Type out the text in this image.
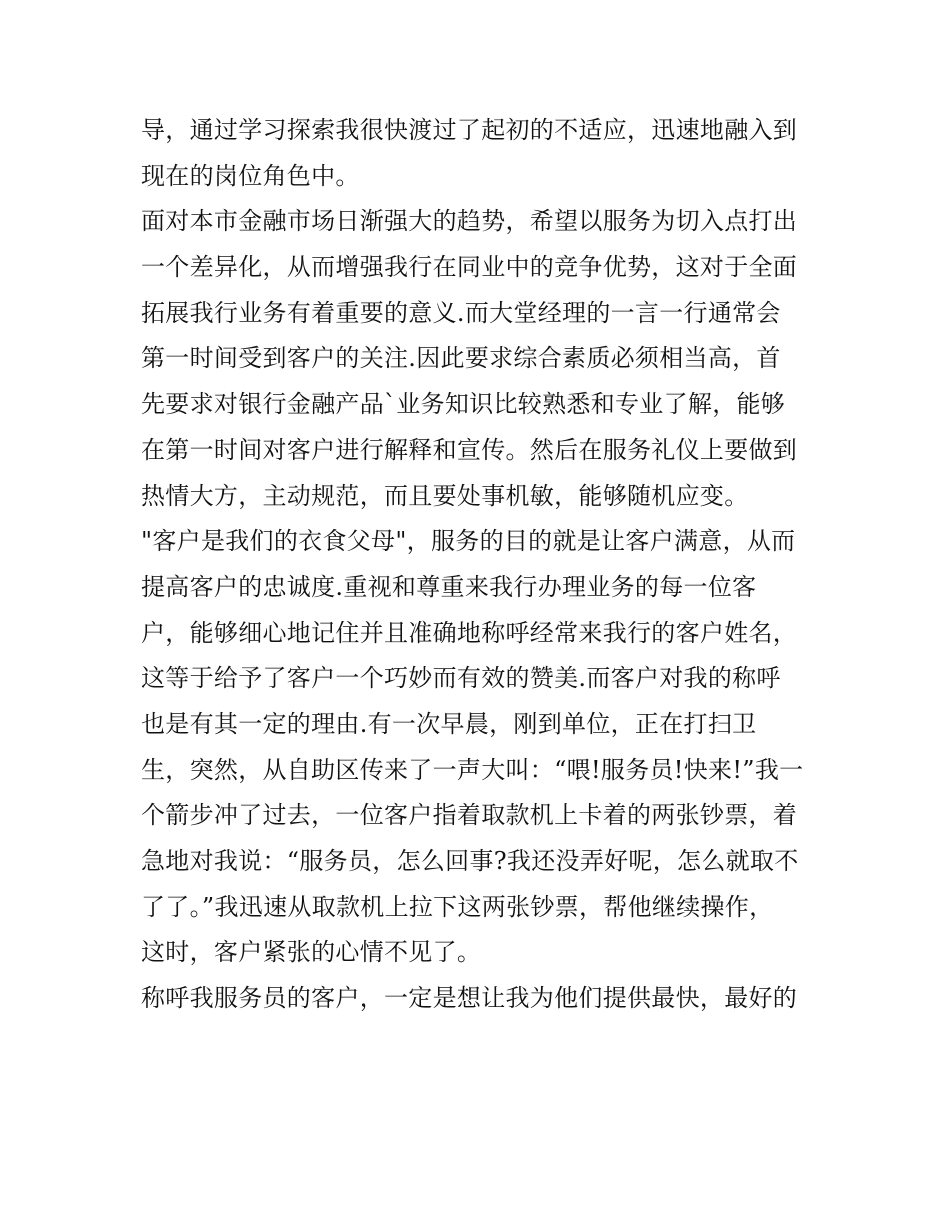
导，通过学习探索我很快渡过了起初的不适应，迅速地融入到
现在的岗位角色中。
面对本市金融市场日渐强大的趋势，希望以服务为切入点打出
一个差异化，从而增强我行在同业中的竞争优势，这对于全面
拓展我行业务有着重要的意义.而大堂经理的一言一行通常会
第一时间受到客户的关注.因此要求综合素质必须相当高，首
先要求对银行金融产品`业务知识比较熟悉和专业了解，能够
在第一时间对客户进行解释和宣传。然后在服务礼仪上要做到
热情大方，主动规范，而且要处事机敏，能够随机应变。
"客户是我们的衣食父母"，服务的目的就是让客户满意，从而
提高客户的忠诚度.重视和尊重来我行办理业务的每一位客
户，能够细心地记住并且准确地称呼经常来我行的客户姓名，
这等于给予了客户一个巧妙而有效的赞美.而客户对我的称呼
也是有其一定的理由.有一次早晨，刚到单位，正在打扫卫
生，突然，从自助区传来了一声大叫：“喂!服务员!快来!”我一
个箭步冲了过去，一位客户指着取款机上卡着的两张钞票，着
急地对我说：“服务员，怎么回事?我还没弄好呢，怎么就取不
了了。”我迅速从取款机上拉下这两张钞票，帮他继续操作，
这时，客户紧张的心情不见了。
称呼我服务员的客户，一定是想让我为他们提供最快，最好的
